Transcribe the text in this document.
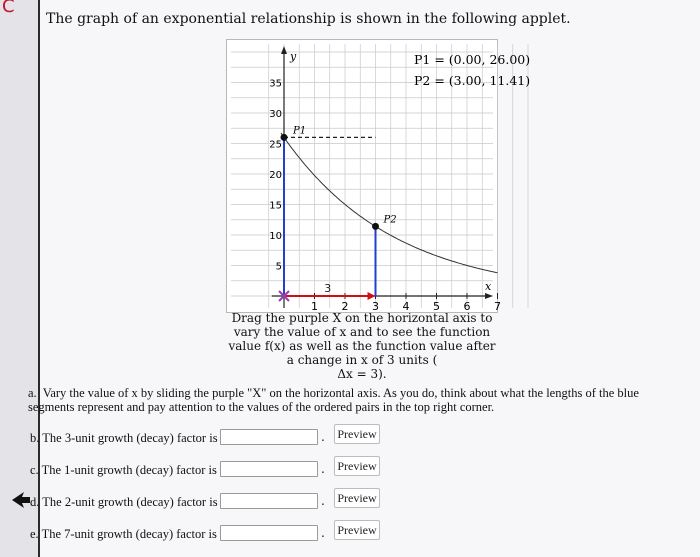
C
The graph of an exponential relationship is shown in the following applet.
y
x
5
10
15
20
25
30
35
1 2 3 4 5 6 7
3
P1
P2
P1 = (0.00, 26.00)
P2 = (3.00, 11.41)
Drag the purple X on the horizontal axis to vary the value of x and to see the function value f(x) as well as the function value after a change in x of 3 units (
Δx = 3).
a. Vary the value of x by sliding the purple "X" on the horizontal axis. As you do, think about what the lengths of the blue segments represent and pay attention to the values of the ordered pairs in the top right corner.
b. The 3-unit growth (decay) factor is	. Preview
c. The 1-unit growth (decay) factor is	. Preview
d. The 2-unit growth (decay) factor is	. Preview
e. The 7-unit growth (decay) factor is	. Preview
